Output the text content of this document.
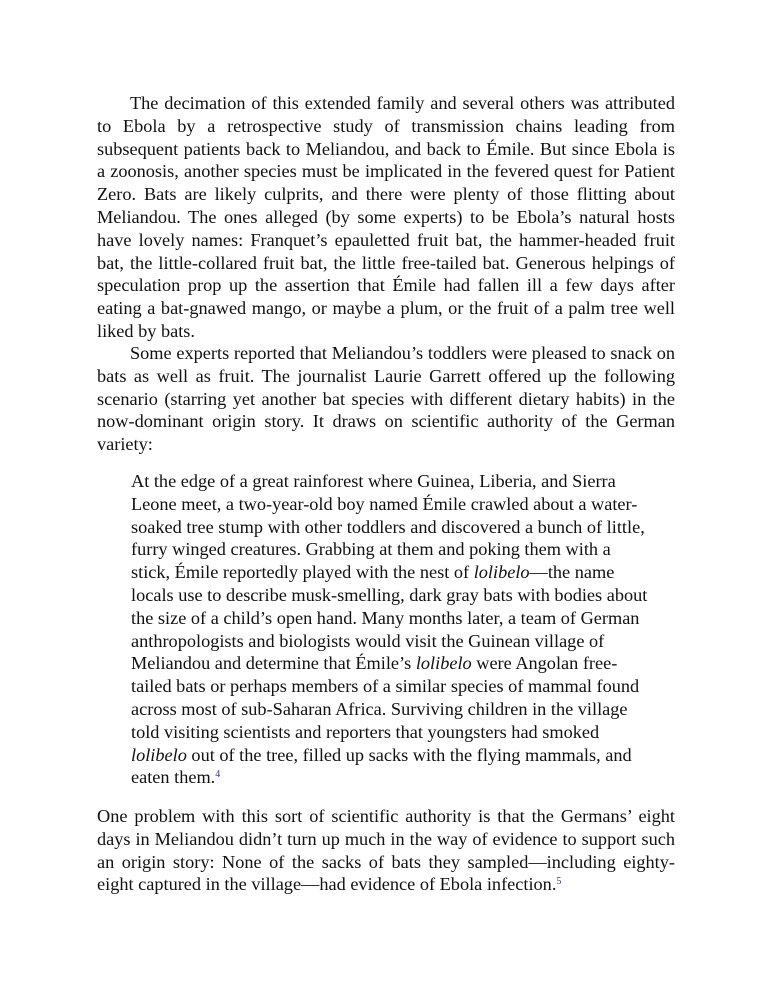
The decimation of this extended family and several others was attributed to Ebola by a retrospective study of transmission chains leading from subsequent patients back to Meliandou, and back to Émile. But since Ebola is a zoonosis, another species must be implicated in the fevered quest for Patient Zero. Bats are likely culprits, and there were plenty of those flitting about Meliandou. The ones alleged (by some experts) to be Ebola’s natural hosts have lovely names: Franquet’s epauletted fruit bat, the hammer-headed fruit bat, the little-collared fruit bat, the little free-tailed bat. Generous helpings of speculation prop up the assertion that Émile had fallen ill a few days after eating a bat-gnawed mango, or maybe a plum, or the fruit of a palm tree well liked by bats.

Some experts reported that Meliandou’s toddlers were pleased to snack on bats as well as fruit. The journalist Laurie Garrett offered up the following scenario (starring yet another bat species with different dietary habits) in the now-dominant origin story. It draws on scientific authority of the German variety:

At the edge of a great rainforest where Guinea, Liberia, and Sierra Leone meet, a two-year-old boy named Émile crawled about a water-soaked tree stump with other toddlers and discovered a bunch of little, furry winged creatures. Grabbing at them and poking them with a stick, Émile reportedly played with the nest of lolibelo—the name locals use to describe musk-smelling, dark gray bats with bodies about the size of a child’s open hand. Many months later, a team of German anthropologists and biologists would visit the Guinean village of Meliandou and determine that Émile’s lolibelo were Angolan free-tailed bats or perhaps members of a similar species of mammal found across most of sub-Saharan Africa. Surviving children in the village told visiting scientists and reporters that youngsters had smoked lolibelo out of the tree, filled up sacks with the flying mammals, and eaten them.$^4$

One problem with this sort of scientific authority is that the Germans’ eight days in Meliandou didn’t turn up much in the way of evidence to support such an origin story: None of the sacks of bats they sampled—including eighty-eight captured in the village—had evidence of Ebola infection.$^5$
